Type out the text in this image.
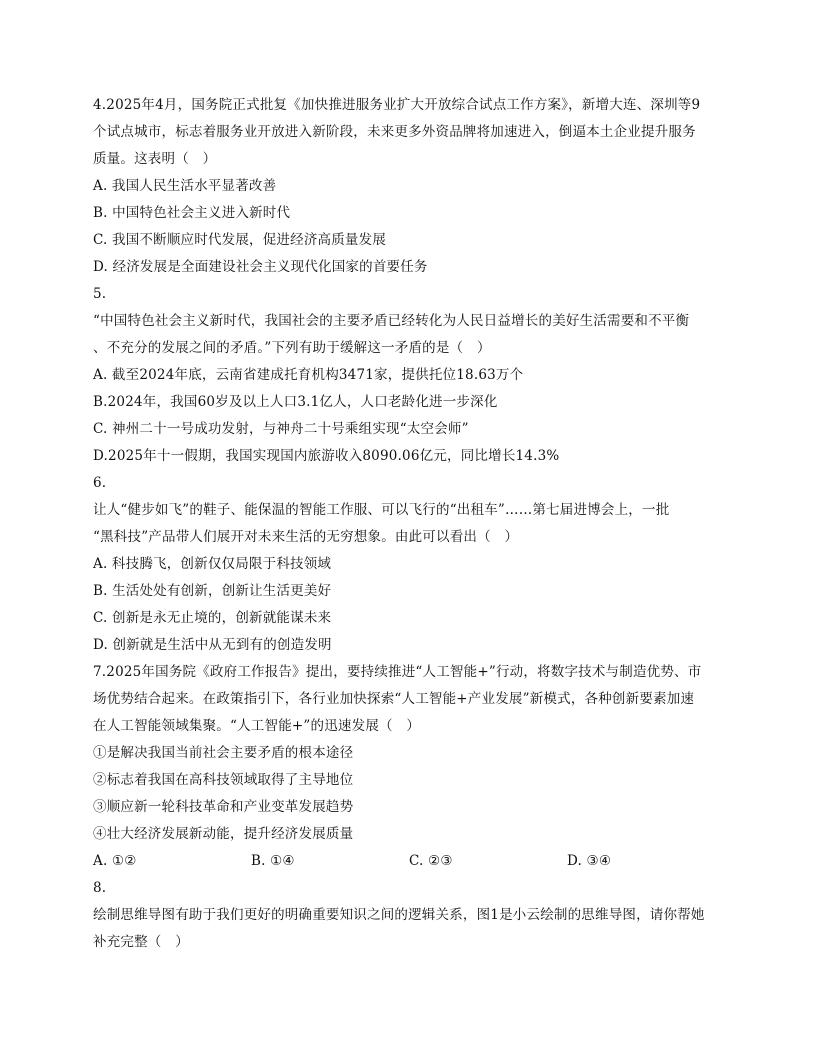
4.2025年4月，国务院正式批复《加快推进服务业扩大开放综合试点工作方案》，新增大连、深圳等9
个试点城市，标志着服务业开放进入新阶段，未来更多外资品牌将加速进入，倒逼本土企业提升服务
质量。这表明（　）
A. 我国人民生活水平显著改善
B. 中国特色社会主义进入新时代
C. 我国不断顺应时代发展，促进经济高质量发展
D. 经济发展是全面建设社会主义现代化国家的首要任务
5.
“中国特色社会主义新时代，我国社会的主要矛盾已经转化为人民日益增长的美好生活需要和不平衡
、不充分的发展之间的矛盾。”下列有助于缓解这一矛盾的是（　）
A. 截至2024年底，云南省建成托育机构3471家，提供托位18.63万个
B.2024年，我国60岁及以上人口3.1亿人，人口老龄化进一步深化
C. 神州二十一号成功发射，与神舟二十号乘组实现“太空会师”
D.2025年十一假期，我国实现国内旅游收入8090.06亿元，同比增长14.3%
6.
让人“健步如飞”的鞋子、能保温的智能工作服、可以飞行的“出租车”……第七届进博会上，一批
“黑科技”产品带人们展开对未来生活的无穷想象。由此可以看出（　）
A. 科技腾飞，创新仅仅局限于科技领域
B. 生活处处有创新，创新让生活更美好
C. 创新是永无止境的，创新就能谋未来
D. 创新就是生活中从无到有的创造发明
7.2025年国务院《政府工作报告》提出，要持续推进“人工智能+”行动，将数字技术与制造优势、市
场优势结合起来。在政策指引下，各行业加快探索“人工智能+产业发展”新模式，各种创新要素加速
在人工智能领域集聚。“人工智能+”的迅速发展（　）
①是解决我国当前社会主要矛盾的根本途径
②标志着我国在高科技领域取得了主导地位
③顺应新一轮科技革命和产业变革发展趋势
④壮大经济发展新动能，提升经济发展质量
A. ①②	B. ①④	C. ②③	D. ③④
8.
绘制思维导图有助于我们更好的明确重要知识之间的逻辑关系，图1是小云绘制的思维导图，请你帮她
补充完整（　）
